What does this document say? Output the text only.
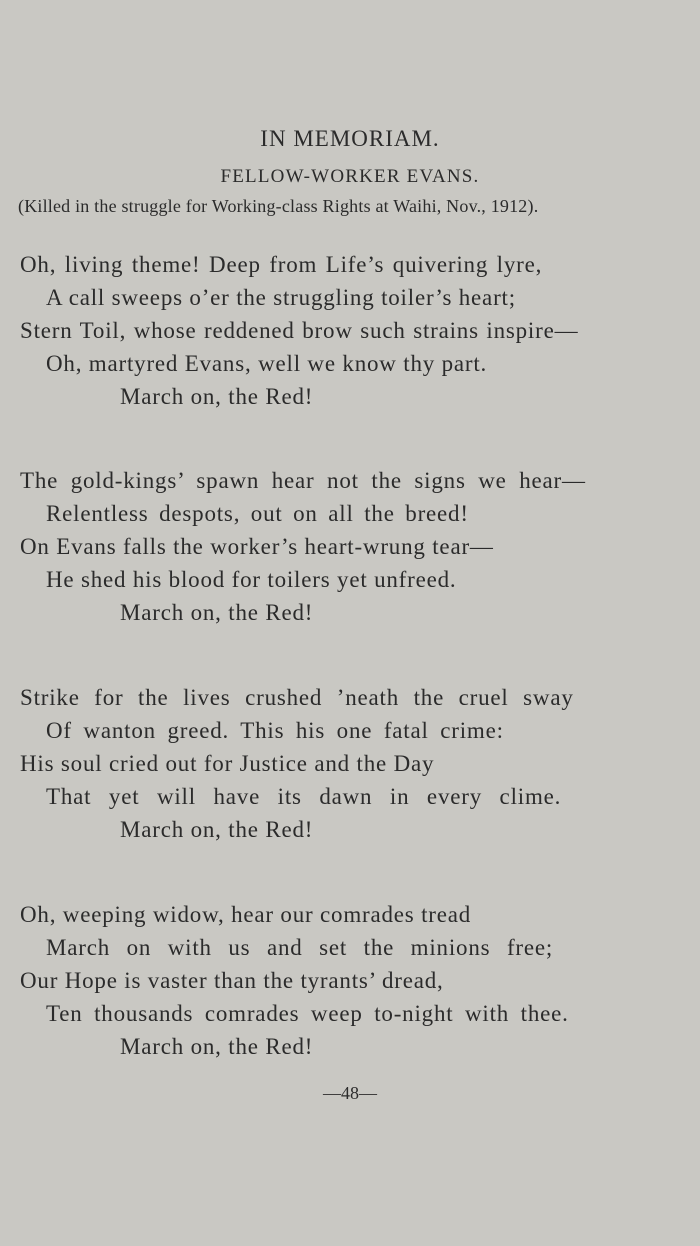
IN MEMORIAM.
FELLOW-WORKER EVANS.
(Killed in the struggle for Working-class Rights at Waihi, Nov., 1912).
Oh, living theme! Deep from Life’s quivering lyre,
A call sweeps o’er the struggling toiler’s heart;
Stern Toil, whose reddened brow such strains inspire—
Oh, martyred Evans, well we know thy part.
March on, the Red!
The gold-kings’ spawn hear not the signs we hear—
Relentless despots, out on all the breed!
On Evans falls the worker’s heart-wrung tear—
He shed his blood for toilers yet unfreed.
March on, the Red!
Strike for the lives crushed ’neath the cruel sway
Of wanton greed. This his one fatal crime:
His soul cried out for Justice and the Day
That yet will have its dawn in every clime.
March on, the Red!
Oh, weeping widow, hear our comrades tread
March on with us and set the minions free;
Our Hope is vaster than the tyrants’ dread,
Ten thousands comrades weep to-night with thee.
March on, the Red!
—48—
